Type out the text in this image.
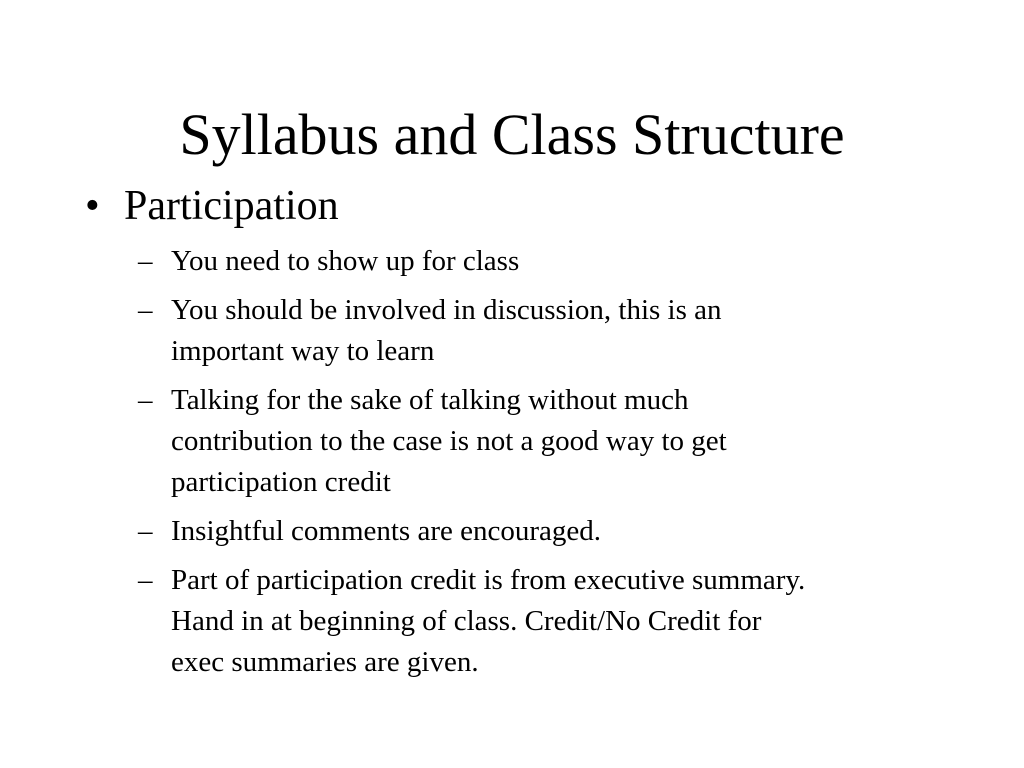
Syllabus and Class Structure
• Participation
– You need to show up for class
– You should be involved in discussion, this is an
important way to learn
– Talking for the sake of talking without much
contribution to the case is not a good way to get
participation credit
– Insightful comments are encouraged.
– Part of participation credit is from executive summary.
Hand in at beginning of class. Credit/No Credit for
exec summaries are given.
